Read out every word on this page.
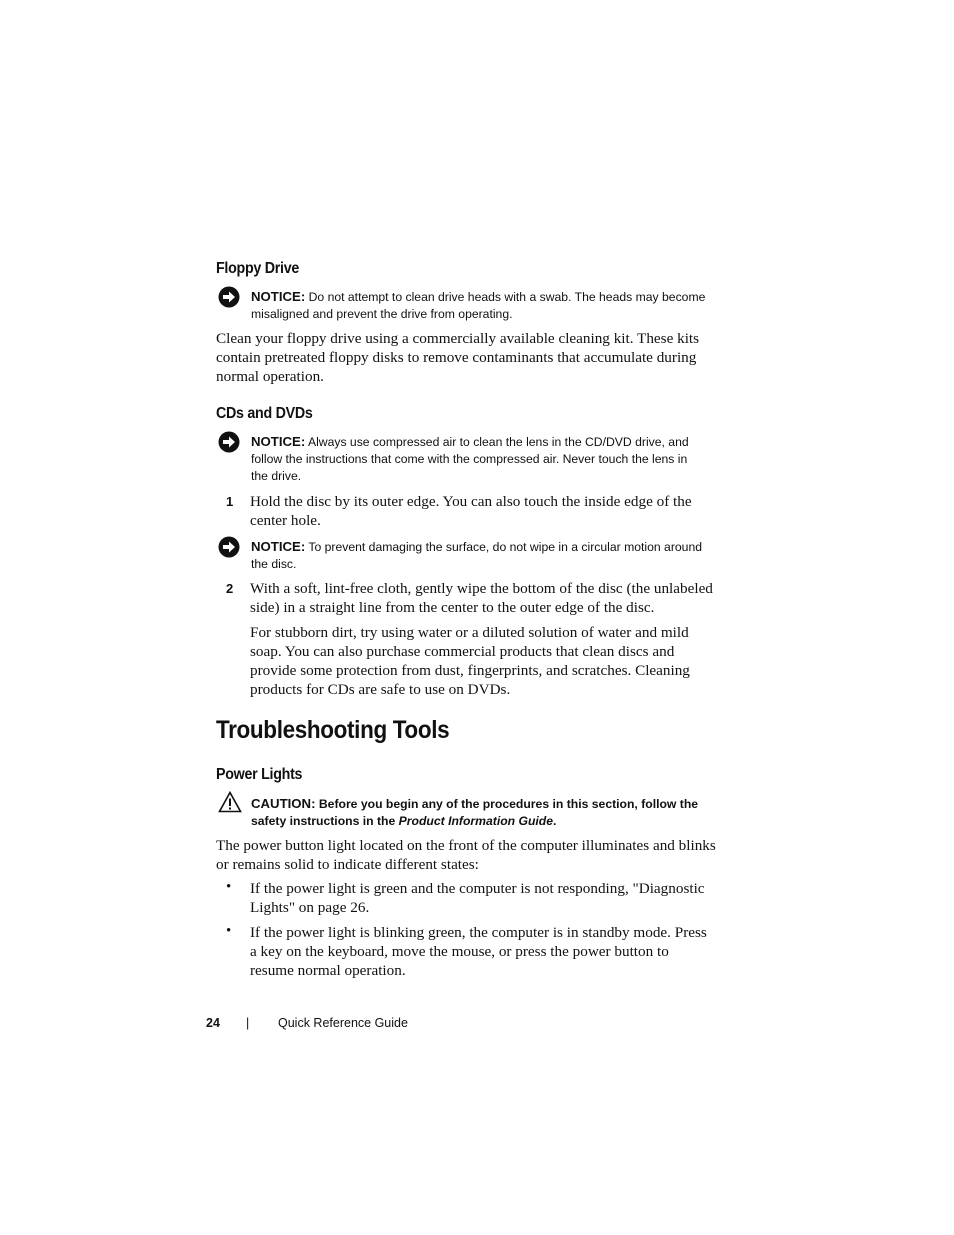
Floppy Drive
NOTICE: Do not attempt to clean drive heads with a swab. The heads may become misaligned and prevent the drive from operating.
Clean your floppy drive using a commercially available cleaning kit. These kits contain pretreated floppy disks to remove contaminants that accumulate during normal operation.
CDs and DVDs
NOTICE: Always use compressed air to clean the lens in the CD/DVD drive, and follow the instructions that come with the compressed air. Never touch the lens in the drive.
1 Hold the disc by its outer edge. You can also touch the inside edge of the center hole.
NOTICE: To prevent damaging the surface, do not wipe in a circular motion around the disc.
2 With a soft, lint-free cloth, gently wipe the bottom of the disc (the unlabeled side) in a straight line from the center to the outer edge of the disc.
For stubborn dirt, try using water or a diluted solution of water and mild soap. You can also purchase commercial products that clean discs and provide some protection from dust, fingerprints, and scratches. Cleaning products for CDs are safe to use on DVDs.
Troubleshooting Tools
Power Lights
CAUTION: Before you begin any of the procedures in this section, follow the safety instructions in the Product Information Guide.
The power button light located on the front of the computer illuminates and blinks or remains solid to indicate different states:
• If the power light is green and the computer is not responding, "Diagnostic Lights" on page 26.
• If the power light is blinking green, the computer is in standby mode. Press a key on the keyboard, move the mouse, or press the power button to resume normal operation.
24 | Quick Reference Guide
